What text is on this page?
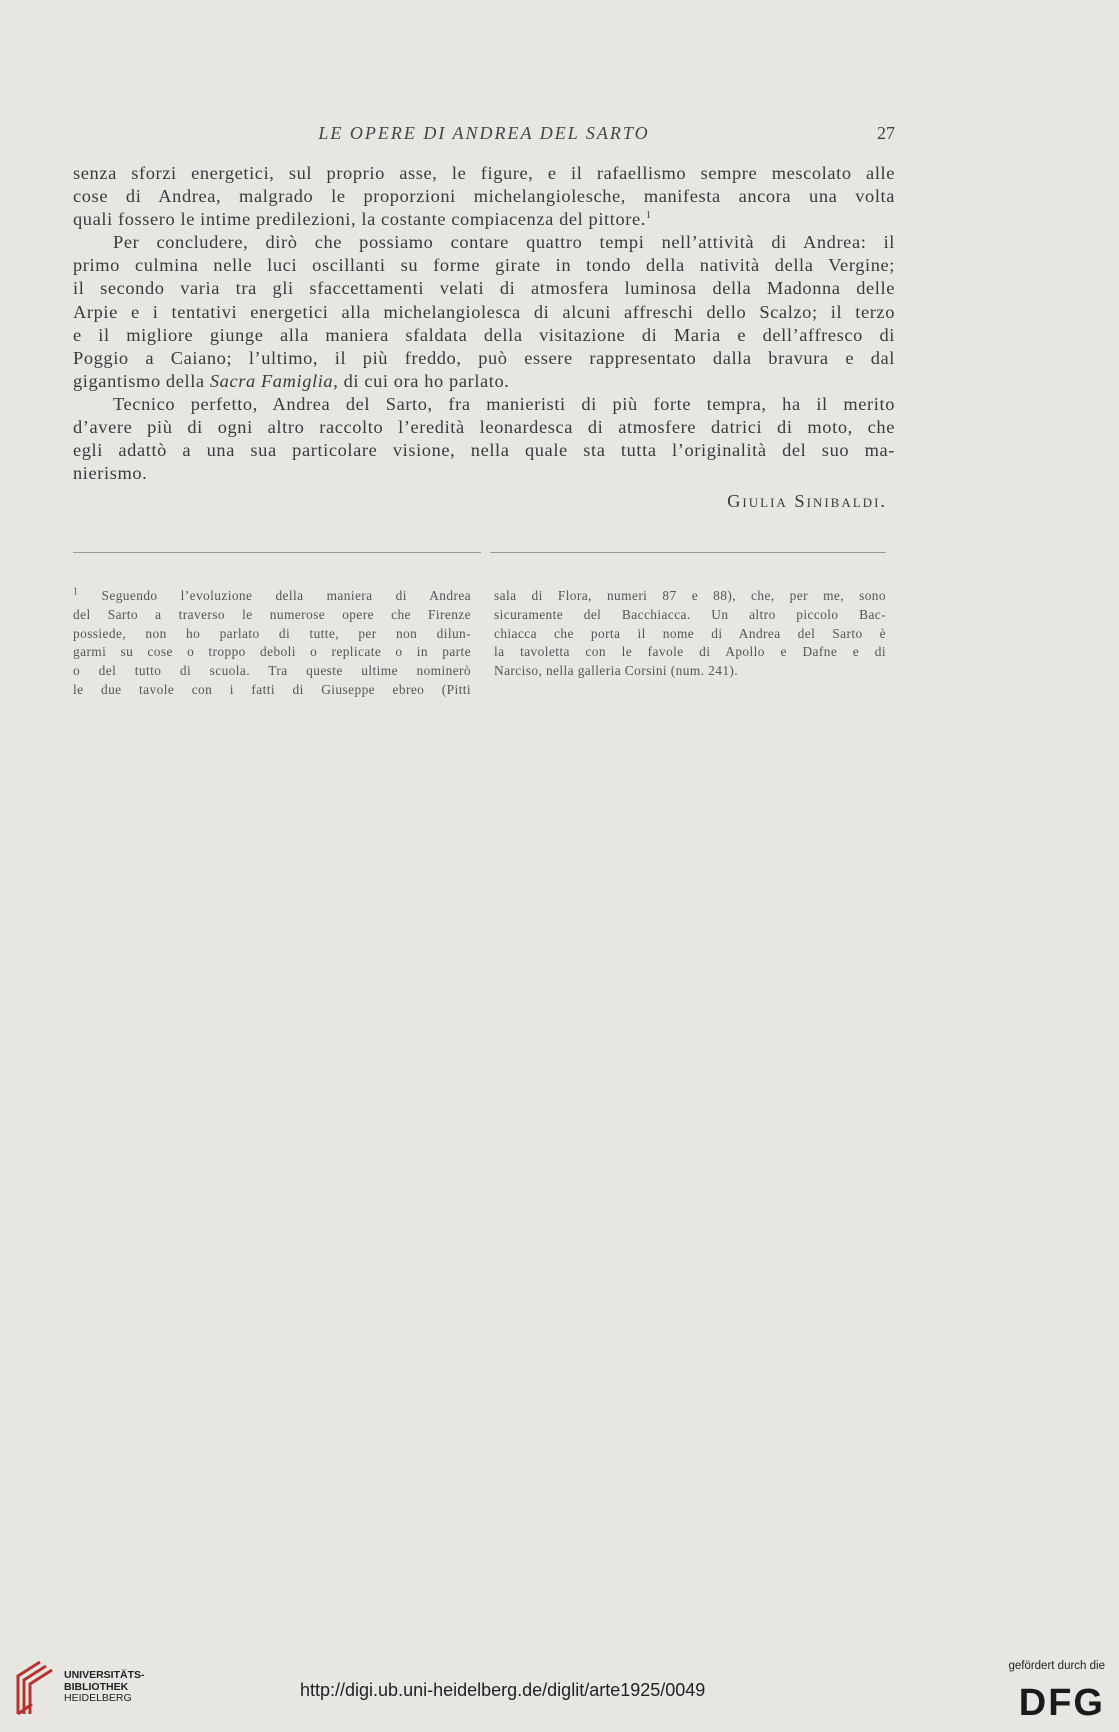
LE OPERE DI ANDREA DEL SARTO	27
senza sforzi energetici, sul proprio asse, le figure, e il rafaellismo sempre mescolato alle
cose di Andrea, malgrado le proporzioni michelangiolesche, manifesta ancora una volta
quali fossero le intime predilezioni, la costante compiacenza del pittore.$^1$
Per concludere, dirò che possiamo contare quattro tempi nell’attività di Andrea: il
primo culmina nelle luci oscillanti su forme girate in tondo della natività della Vergine;
il secondo varia tra gli sfaccettamenti velati di atmosfera luminosa della Madonna delle
Arpie e i tentativi energetici alla michelangiolesca di alcuni affreschi dello Scalzo; il terzo
e il migliore giunge alla maniera sfaldata della visitazione di Maria e dell’affresco di
Poggio a Caiano; l’ultimo, il più freddo, può essere rappresentato dalla bravura e dal
gigantismo della Sacra Famiglia, di cui ora ho parlato.
Tecnico perfetto, Andrea del Sarto, fra manieristi di più forte tempra, ha il merito
d’avere più di ogni altro raccolto l’eredità leonardesca di atmosfere datrici di moto, che
egli adattò a una sua particolare visione, nella quale sta tutta l’originalità del suo ma-
nierismo.
Giulia Sinibaldi.
$^1$ Seguendo l’evoluzione della maniera di Andrea
del Sarto a traverso le numerose opere che Firenze
possiede, non ho parlato di tutte, per non dilun-
garmi su cose o troppo deboli o replicate o in parte
o del tutto di scuola. Tra queste ultime nominerò
le due tavole con i fatti di Giuseppe ebreo (Pitti
sala di Flora, numeri 87 e 88), che, per me, sono
sicuramente del Bacchiacca. Un altro piccolo Bac-
chiacca che porta il nome di Andrea del Sarto è
la tavoletta con le favole di Apollo e Dafne e di
Narciso, nella galleria Corsini (num. 241).
UNIVERSITÄTS-
BIBLIOTHEK
HEIDELBERG	http://digi.ub.uni-heidelberg.de/diglit/arte1925/0049
gefördert durch die
DFG
